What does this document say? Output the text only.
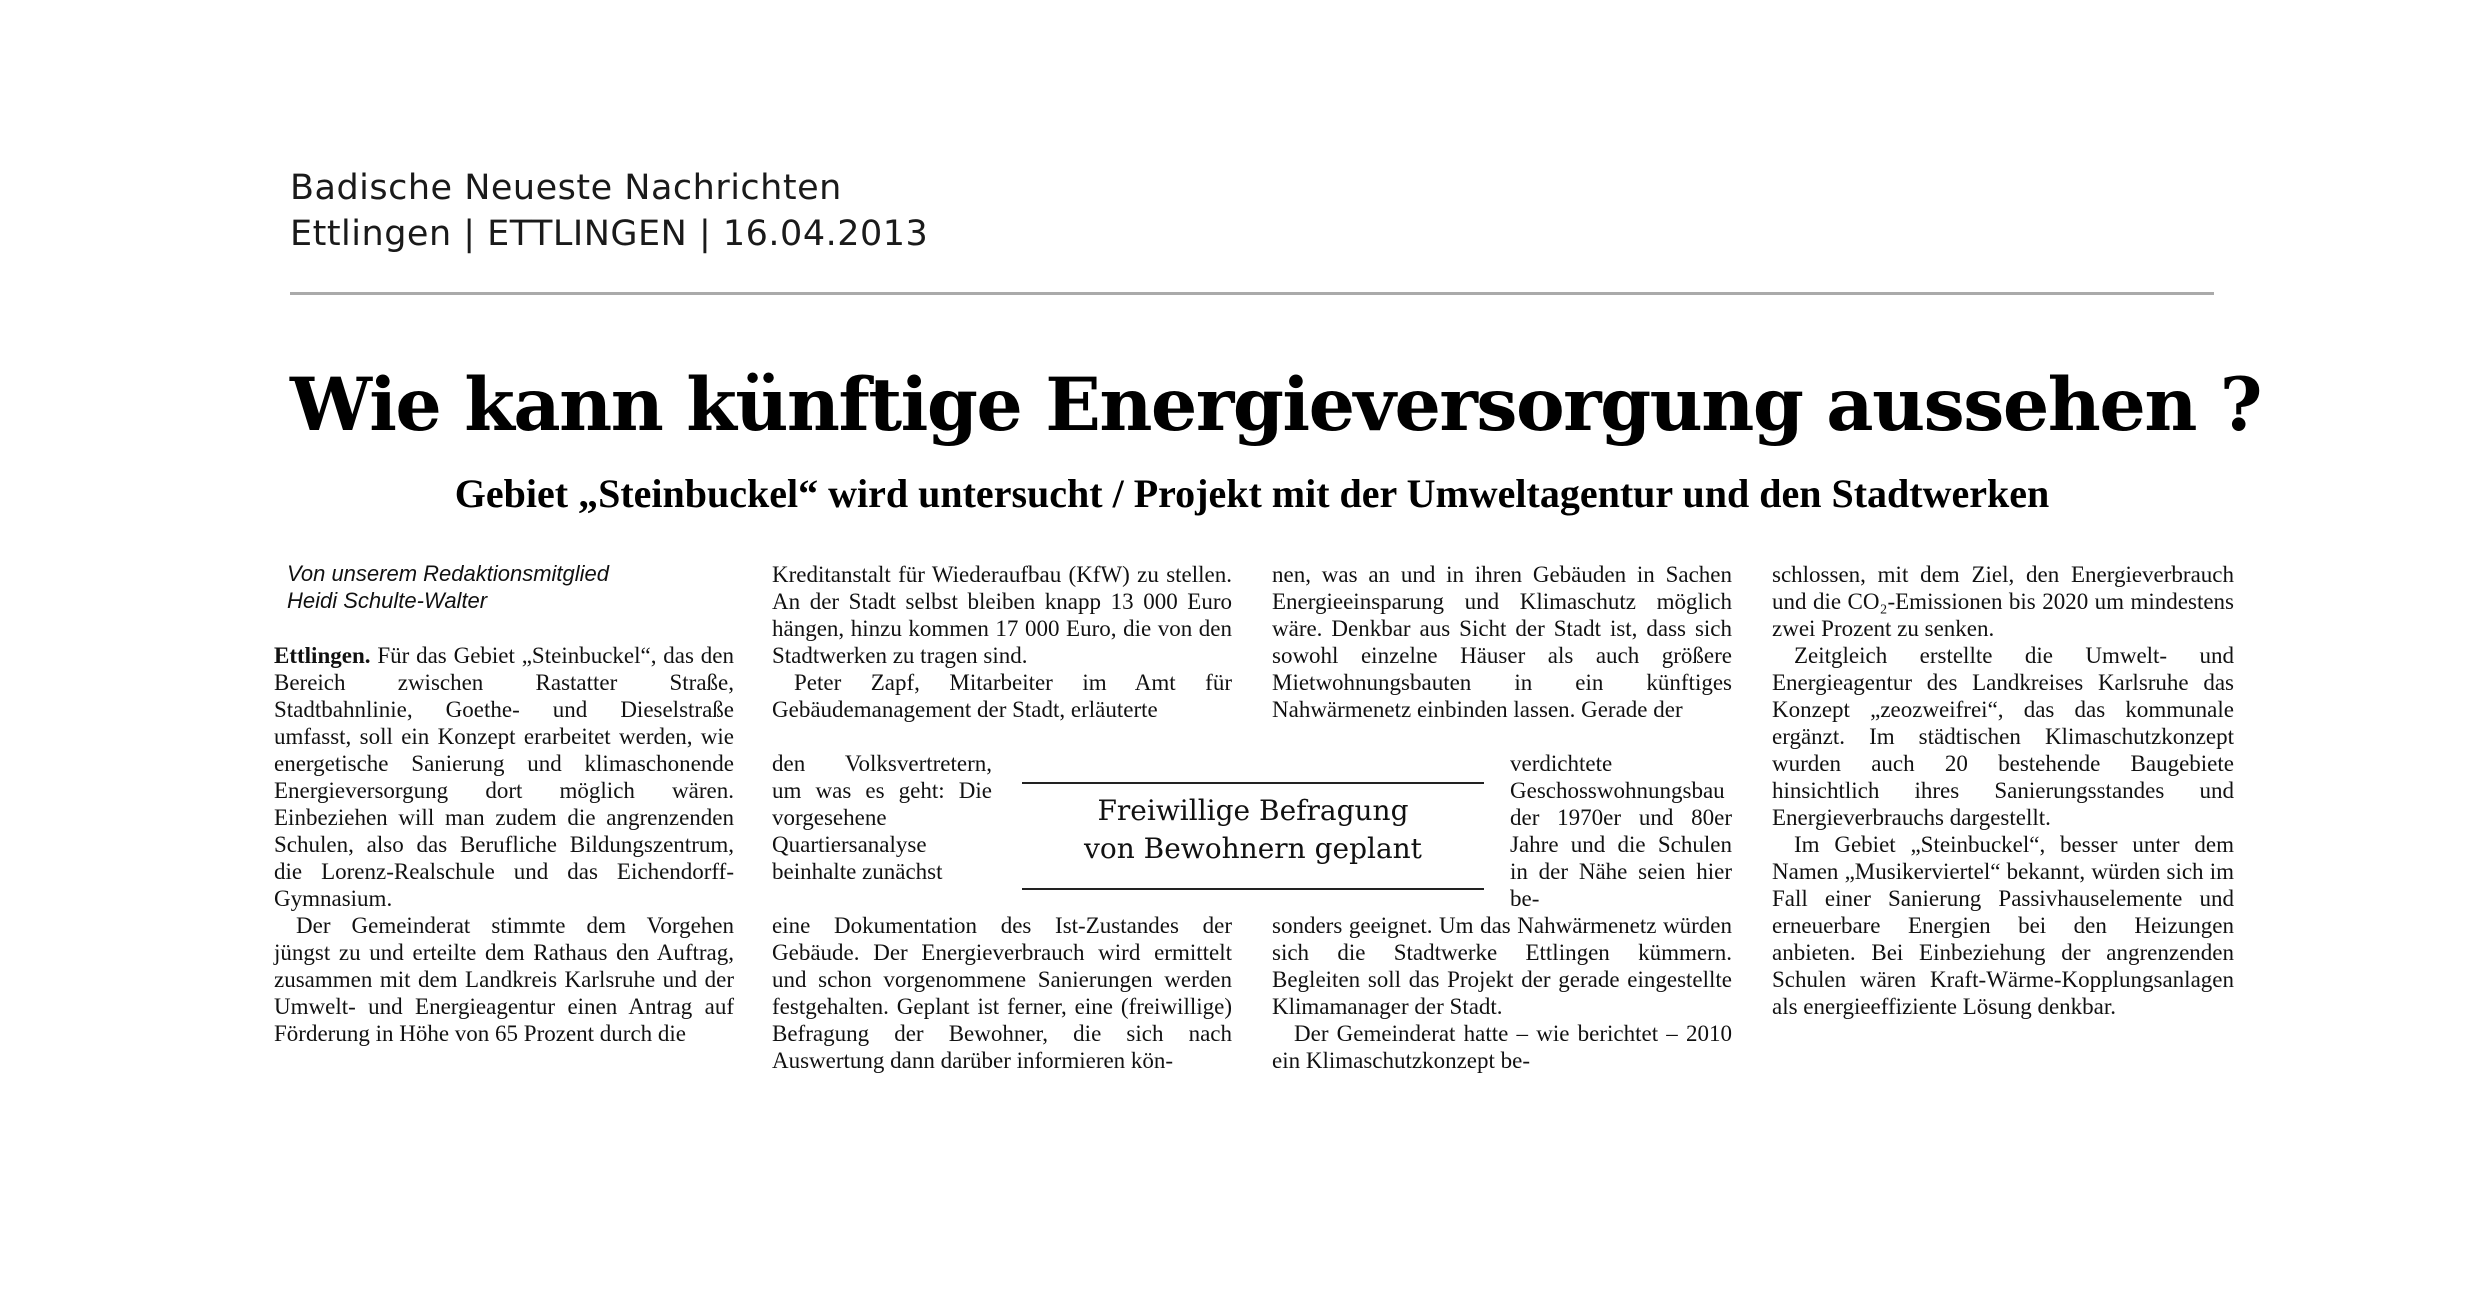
Badische Neueste Nachrichten
Ettlingen | ETTLINGEN | 16.04.2013
Wie kann künftige Energieversorgung aussehen ?
Gebiet „Steinbuckel“ wird untersucht / Projekt mit der Umweltagentur und den Stadtwerken
Von unserem Redaktionsmitglied
Heidi Schulte-Walter

Ettlingen. Für das Gebiet „Steinbuckel“, das den Bereich zwischen Rastatter Straße, Stadtbahnlinie, Goethe- und Dieselstraße umfasst, soll ein Konzept erarbeitet werden, wie energetische Sanierung und klimaschonende Energieversorgung dort möglich wären. Einbeziehen will man zudem die angrenzenden Schulen, also das Berufliche Bildungszentrum, die Lorenz-Realschule und das Eichendorff-Gymnasium.

Der Gemeinderat stimmte dem Vorgehen jüngst zu und erteilte dem Rathaus den Auftrag, zusammen mit dem Landkreis Karlsruhe und der Umwelt- und Energieagentur einen Antrag auf Förderung in Höhe von 65 Prozent durch die

Kreditanstalt für Wiederaufbau (KfW) zu stellen. An der Stadt selbst bleiben knapp 13 000 Euro hängen, hinzu kommen 17 000 Euro, die von den Stadtwerken zu tragen sind.

Peter Zapf, Mitarbeiter im Amt für Gebäudemanagement der Stadt, erläuterte

den Volksvertretern, um was es geht: Die vorgesehene Quartiersanalyse beinhalte zunächst

eine Dokumentation des Ist-Zustandes der Gebäude. Der Energieverbrauch wird ermittelt und schon vorgenommene Sanierungen werden festgehalten. Geplant ist ferner, eine (freiwillige) Befragung der Bewohner, die sich nach Auswertung dann darüber informieren kön-

nen, was an und in ihren Gebäuden in Sachen Energieeinsparung und Klimaschutz möglich wäre. Denkbar aus Sicht der Stadt ist, dass sich sowohl einzelne Häuser als auch größere Mietwohnungsbauten in ein künftiges Nahwärmenetz einbinden lassen. Gerade der

verdichtete Geschosswohnungsbau der 1970er und 80er Jahre und die Schulen in der Nähe seien hier be-

sonders geeignet. Um das Nahwärmenetz würden sich die Stadtwerke Ettlingen kümmern. Begleiten soll das Projekt der gerade eingestellte Klimamanager der Stadt.

Der Gemeinderat hatte – wie berichtet – 2010 ein Klimaschutzkonzept be-

schlossen, mit dem Ziel, den Energieverbrauch und die CO₂-Emissionen bis 2020 um mindestens zwei Prozent zu senken.

Zeitgleich erstellte die Umwelt- und Energieagentur des Landkreises Karlsruhe das Konzept „zeozweifrei“, das das kommunale ergänzt. Im städtischen Klimaschutzkonzept wurden auch 20 bestehende Baugebiete hinsichtlich ihres Sanierungsstandes und Energieverbrauchs dargestellt.

Im Gebiet „Steinbuckel“, besser unter dem Namen „Musikerviertel“ bekannt, würden sich im Fall einer Sanierung Passivhauselemente und erneuerbare Energien bei den Heizungen anbieten. Bei Einbeziehung der angrenzenden Schulen wären Kraft-Wärme-Kopplungsanlagen als energieeffiziente Lösung denkbar.

Freiwillige Befragung
von Bewohnern geplant
